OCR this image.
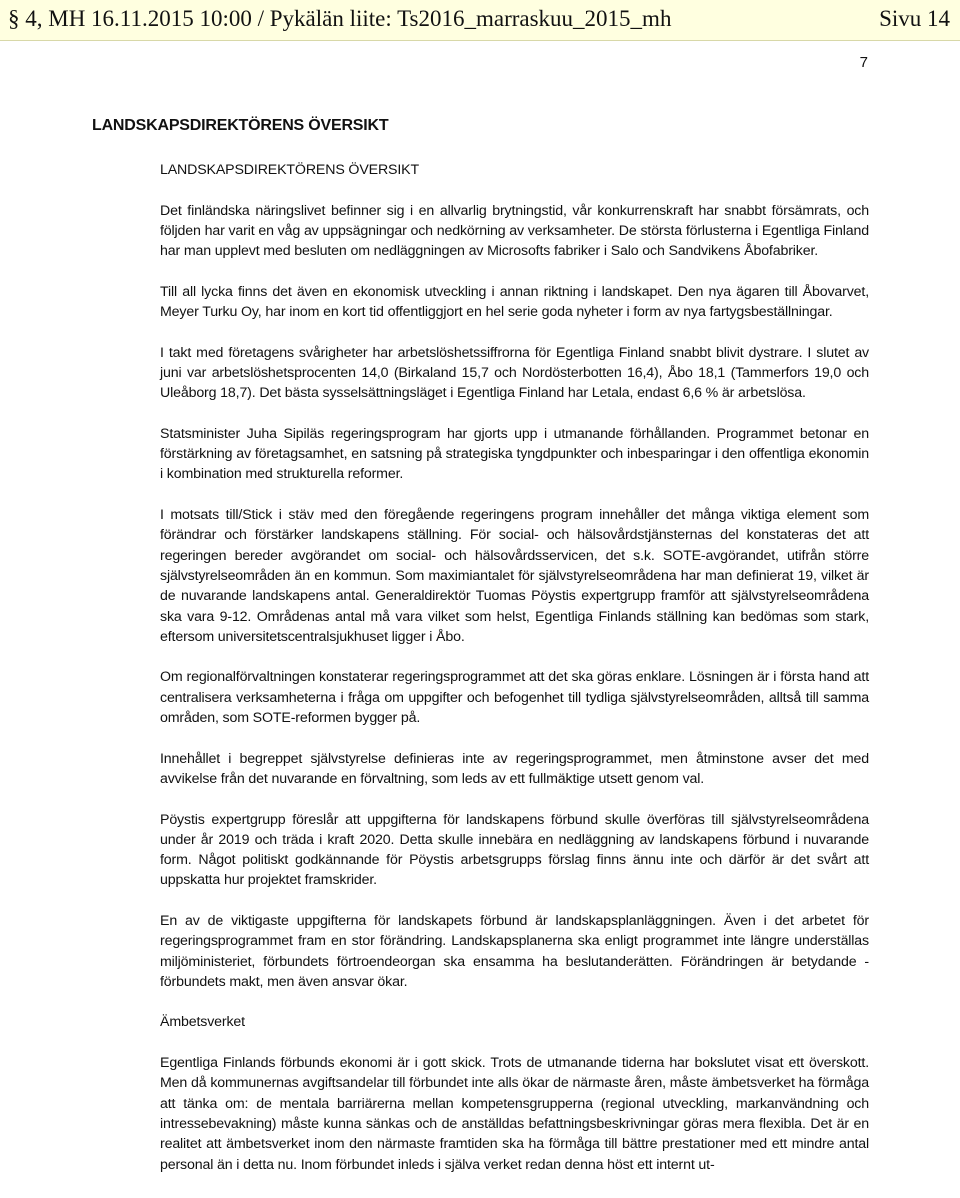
§ 4, MH 16.11.2015 10:00 / Pykälän liite: Ts2016_marraskuu_2015_mh	Sivu 14
7
LANDSKAPSDIREKTÖRENS ÖVERSIKT

LANDSKAPSDIREKTÖRENS ÖVERSIKT

Det finländska näringslivet befinner sig i en allvarlig brytningstid, vår konkurrenskraft har snabbt försämrats, och följden har varit en våg av uppsägningar och nedkörning av verksamheter. De största förlusterna i Egentliga Finland har man upplevt med besluten om nedläggningen av Microsofts fabriker i Salo och Sandvikens Åbofabriker.

Till all lycka finns det även en ekonomisk utveckling i annan riktning i landskapet. Den nya ägaren till Åbovarvet, Meyer Turku Oy, har inom en kort tid offentliggjort en hel serie goda nyheter i form av nya fartygsbeställningar.

I takt med företagens svårigheter har arbetslöshetssiffrorna för Egentliga Finland snabbt blivit dystrare. I slutet av juni var arbetslöshetsprocenten 14,0 (Birkaland 15,7 och Nordösterbotten 16,4), Åbo 18,1 (Tammerfors 19,0 och Uleåborg 18,7). Det bästa sysselsättningsläget i Egentliga Finland har Letala, endast 6,6 % är arbetslösa.

Statsminister Juha Sipiläs regeringsprogram har gjorts upp i utmanande förhållanden. Programmet betonar en förstärkning av företagsamhet, en satsning på strategiska tyngdpunkter och inbesparingar i den offentliga ekonomin i kombination med strukturella reformer.

I motsats till/Stick i stäv med den föregående regeringens program innehåller det många viktiga element som förändrar och förstärker landskapens ställning. För social- och hälsovårdstjänsternas del konstateras det att regeringen bereder avgörandet om social- och hälsovårdsservicen, det s.k. SOTE-avgörandet, utifrån större självstyrelseområden än en kommun. Som maximiantalet för självstyrelseområdena har man definierat 19, vilket är de nuvarande landskapens antal. Generaldirektör Tuomas Pöystis expertgrupp framför att självstyrelseområdena ska vara 9-12. Områdenas antal må vara vilket som helst, Egentliga Finlands ställning kan bedömas som stark, eftersom universitetscentralsjukhuset ligger i Åbo.

Om regionalförvaltningen konstaterar regeringsprogrammet att det ska göras enklare. Lösningen är i första hand att centralisera verksamheterna i fråga om uppgifter och befogenhet till tydliga självstyrelseområden, alltså till samma områden, som SOTE-reformen bygger på.

Innehållet i begreppet självstyrelse definieras inte av regeringsprogrammet, men åtminstone avser det med avvikelse från det nuvarande en förvaltning, som leds av ett fullmäktige utsett genom val.

Pöystis expertgrupp föreslår att uppgifterna för landskapens förbund skulle överföras till självstyrelseområdena under år 2019 och träda i kraft 2020. Detta skulle innebära en nedläggning av landskapens förbund i nuvarande form. Något politiskt godkännande för Pöystis arbetsgrupps förslag finns ännu inte och därför är det svårt att uppskatta hur projektet framskrider.

En av de viktigaste uppgifterna för landskapets förbund är landskapsplanläggningen. Även i det arbetet för regeringsprogrammet fram en stor förändring. Landskapsplanerna ska enligt programmet inte längre underställas miljöministeriet, förbundets förtroendeorgan ska ensamma ha beslutanderätten. Förändringen är betydande - förbundets makt, men även ansvar ökar.

Ämbetsverket

Egentliga Finlands förbunds ekonomi är i gott skick. Trots de utmanande tiderna har bokslutet visat ett överskott. Men då kommunernas avgiftsandelar till förbundet inte alls ökar de närmaste åren, måste ämbetsverket ha förmåga att tänka om: de mentala barriärerna mellan kompetensgrupperna (regional utveckling, markanvändning och intressebevakning) måste kunna sänkas och de anställdas befattningsbeskrivningar göras mera flexibla. Det är en realitet att ämbetsverket inom den närmaste framtiden ska ha förmåga till bättre prestationer med ett mindre antal personal än i detta nu. Inom förbundet inleds i själva verket redan denna höst ett internt ut-
